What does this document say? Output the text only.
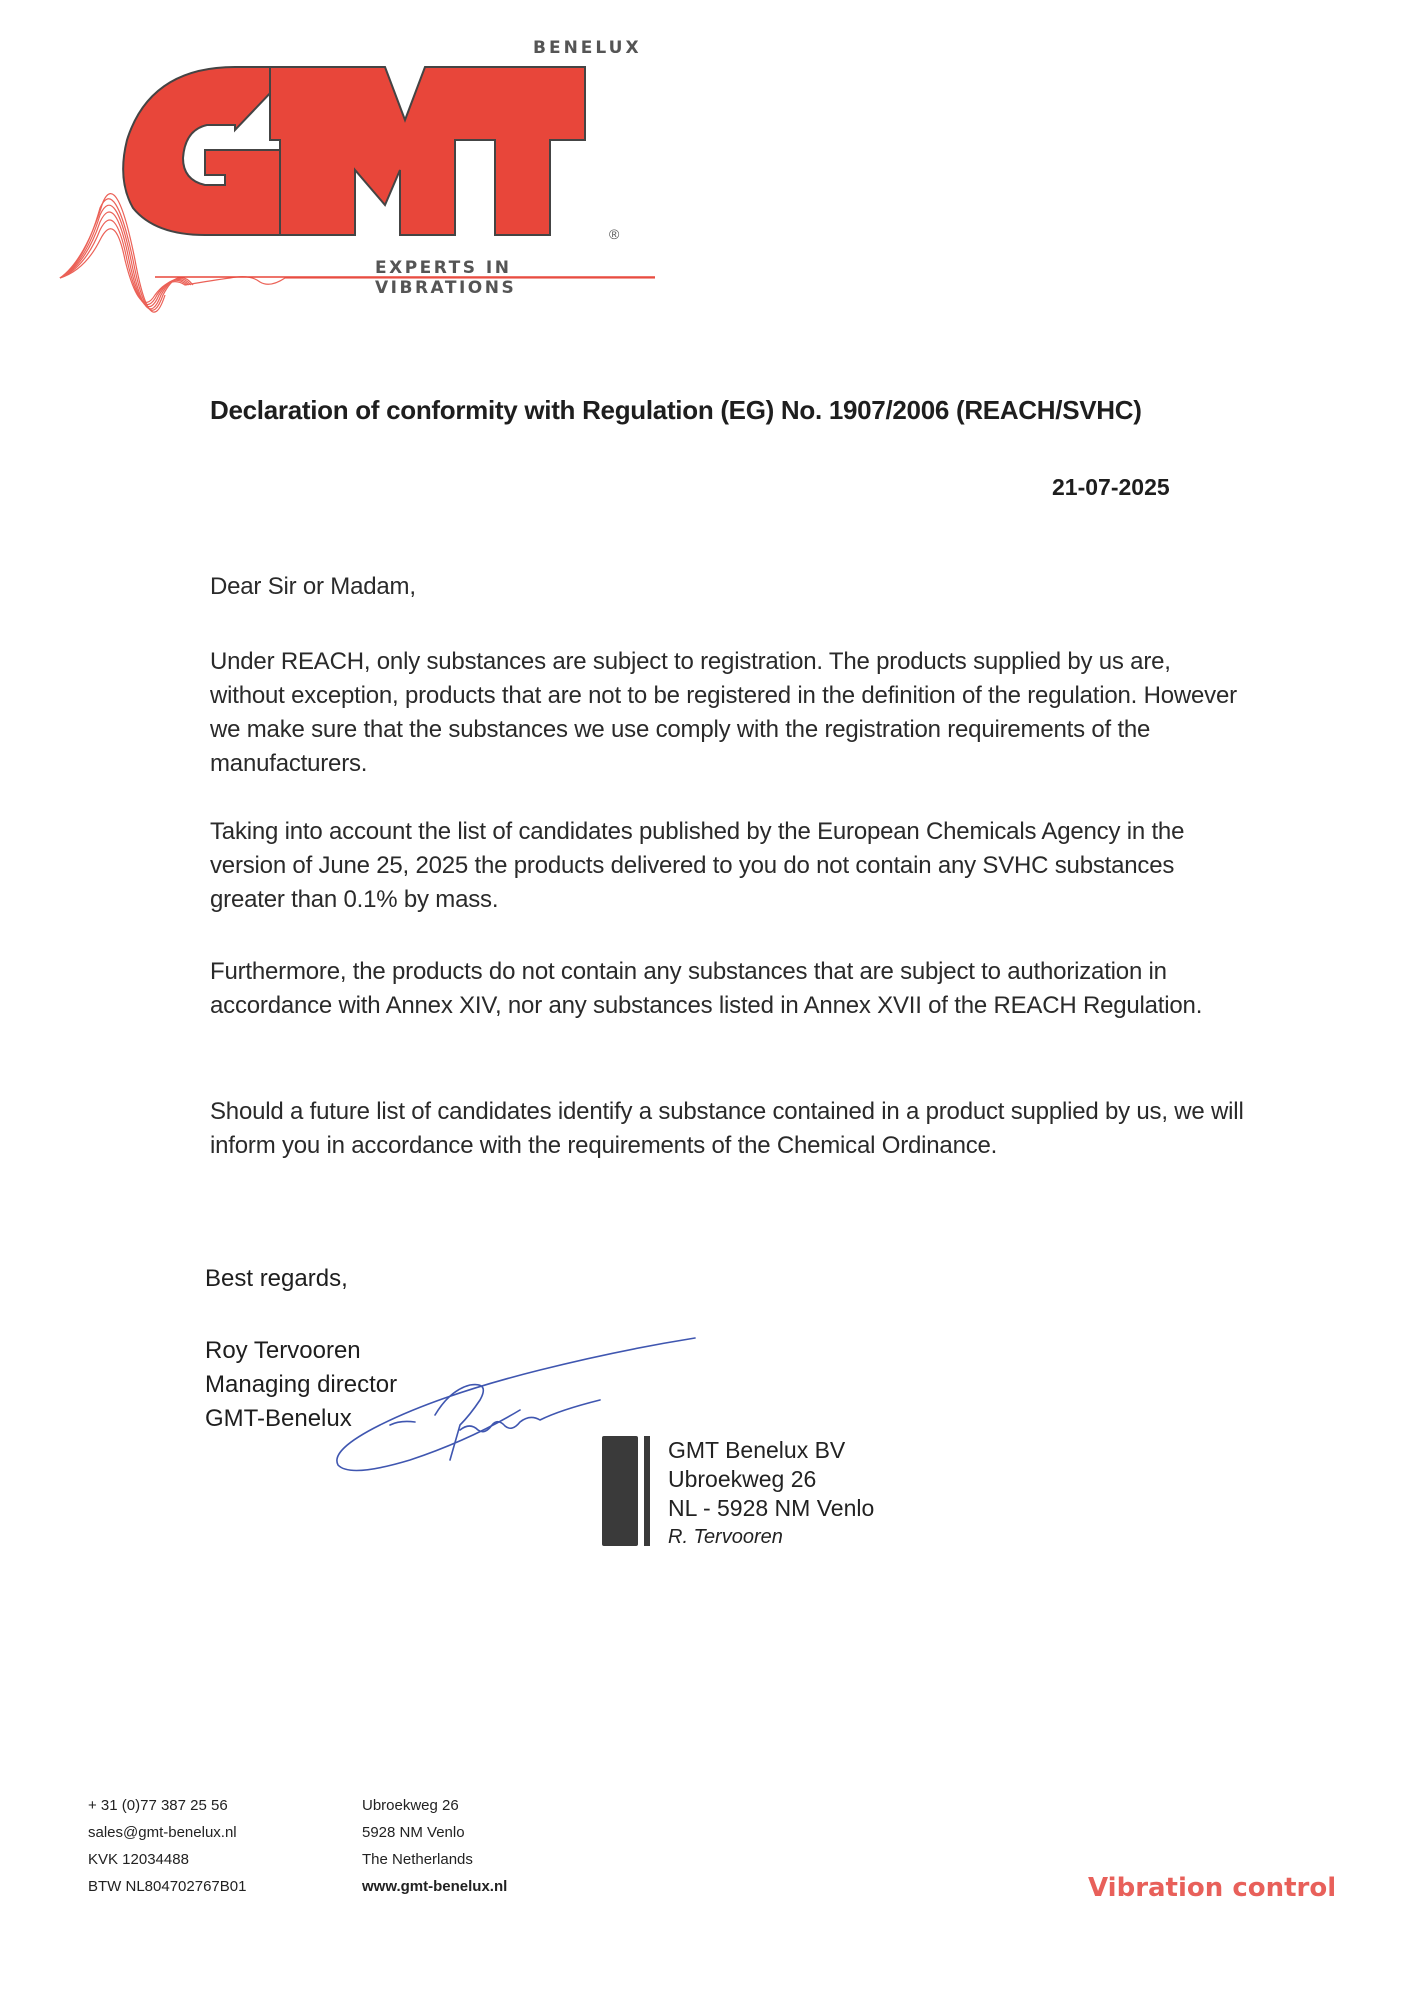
BENELUX
®
EXPERTS IN VIBRATIONS
Declaration of conformity with Regulation (EG) No. 1907/2006 (REACH/SVHC)
21-07-2025
Dear Sir or Madam,
Under REACH, only substances are subject to registration. The products supplied by us are, without exception, products that are not to be registered in the definition of the regulation. However we make sure that the substances we use comply with the registration requirements of the manufacturers.
Taking into account the list of candidates published by the European Chemicals Agency in the version of June 25, 2025 the products delivered to you do not contain any SVHC substances greater than 0.1% by mass.
Furthermore, the products do not contain any substances that are subject to authorization in accordance with Annex XIV, nor any substances listed in Annex XVII of the REACH Regulation.
Should a future list of candidates identify a substance contained in a product supplied by us, we will inform you in accordance with the requirements of the Chemical Ordinance.
Best regards,
Roy Tervooren
Managing director
GMT-Benelux
GMT Benelux BV
Ubroekweg 26
NL - 5928 NM Venlo
R. Tervooren
+ 31 (0)77 387 25 56
sales@gmt-benelux.nl
KVK 12034488
BTW NL804702767B01
Ubroekweg 26
5928 NM Venlo
The Netherlands
www.gmt-benelux.nl	Vibration control
